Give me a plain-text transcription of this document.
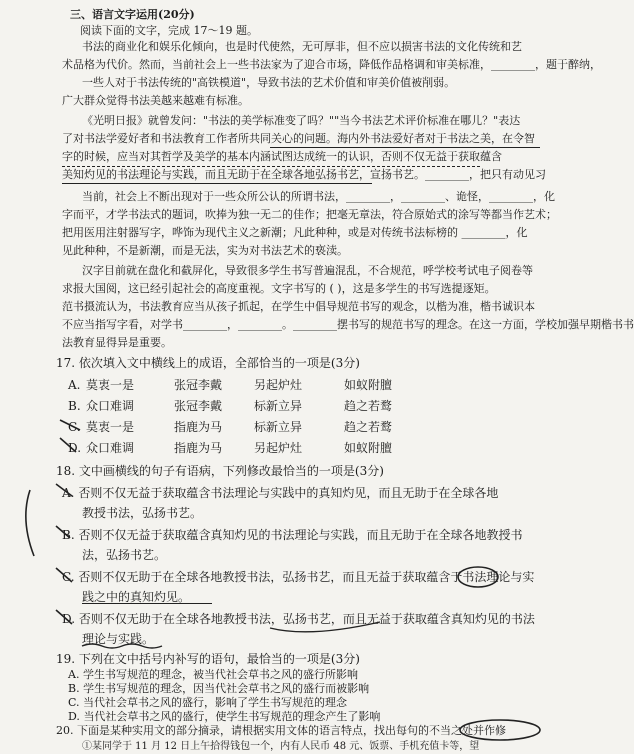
三、语言文字运用(20分)
阅读下面的文字，完成 17～19 题。
书法的商业化和娱乐化倾向，也是时代使然，无可厚非，但不应以损害书法的文化传统和艺
术品格为代价。然而，当前社会上一些书法家为了迎合市场，降低作品格调和审美标准，________，题于醉纳，
一些人对于书法传统的"高铁模道"，导致书法的艺术价值和审美价值被削弱。
广大群众觉得书法美越来越难有标准。
《光明日报》就曾发问："书法的美学标准变了吗？""当今书法艺术评价标准在哪儿？"表达
了对书法学爱好者和书法教育工作者所共同关心的问题。海内外书法爱好者对于书法之美，在令智
字的时候，应当对其哲学及美学的基本内涵试图达成统一的认识，否则不仅无益于获取蕴含
美知灼见的书法理论与实践，而且无助于在全球各地弘扬书艺，宣扬书艺。________，把只有动见习
当前，社会上不断出现对于一些众所公认的所谓书法，________，________、诡怪，________，化
字而平，才学书法式的题词，吹捧为独一无二的佳作；把毫无章法，符合原始式的涂写等都当作艺术；
把用医用注射器写字，哗饰为现代主义之新潮；凡此种种，或是对传统书法标榜的 ________，化
见此种种，不是新潮，而是无法，实为对书法艺术的亵渎。
汉字目前就在盘化和截屏化，导致很多学生书写普遍混乱，不合规范，呼学校考试电子阅卷等
求报大国阅，这已经引起社会的高度重视。文字书写的 ( )，这是多学生的书写选提逐矩。
范书摄流认为，书法教育应当从孩子抓起，在学生中倡导规范书写的观念，以楷为准，楷书诚识本
不应当指写字看，对学书________，________。________摆书写的规范书写的理念。在这一方面，学校加强早期楷书书
法教育显得异是重要。
17. 依次填入文中横线上的成语，全部恰当的一项是(3分)
A. 莫衷一是	张冠李戴	另起炉灶	如蚁附膻
B. 众口难调	张冠李戴	标新立异	趋之若鹜
C. 莫衷一是	指鹿为马	标新立异	趋之若鹜
D. 众口难调	指鹿为马	另起炉灶	如蚁附膻
18. 文中画横线的句子有语病，下列修改最恰当的一项是(3分)
A. 否则不仅无益于获取蕴含书法理论与实践中的真知灼见，而且无助于在全球各地
教授书法，弘扬书艺。
B. 否则不仅无益于获取蕴含真知灼见的书法理论与实践，而且无助于在全球各地教授书
法，弘扬书艺。
C. 否则不仅无助于在全球各地教授书法，弘扬书艺，而且无益于获取蕴含于书法理论与实
践之中的真知灼见。
D. 否则不仅无助于在全球各地教授书法，弘扬书艺，而且无益于获取蕴含真知灼见的书法
理论与实践。
19. 下列在文中括号内补写的语句，最恰当的一项是(3分)
A. 学生书写规范的理念，被当代社会草书之风的盛行所影响
B. 学生书写规范的理念，因当代社会草书之风的盛行而被影响
C. 当代社会草书之风的盛行，影响了学生书写规范的理念
D. 当代社会草书之风的盛行，使学生书写规范的理念产生了影响
20. 下面是某种实用文的部分摘录，请根据实用文体的语言特点，找出每句的不当之处并作修
①某同学于 11 月 12 日上午拾得钱包一个，内有人民币 48 元、饭票、手机充值卡等，望
